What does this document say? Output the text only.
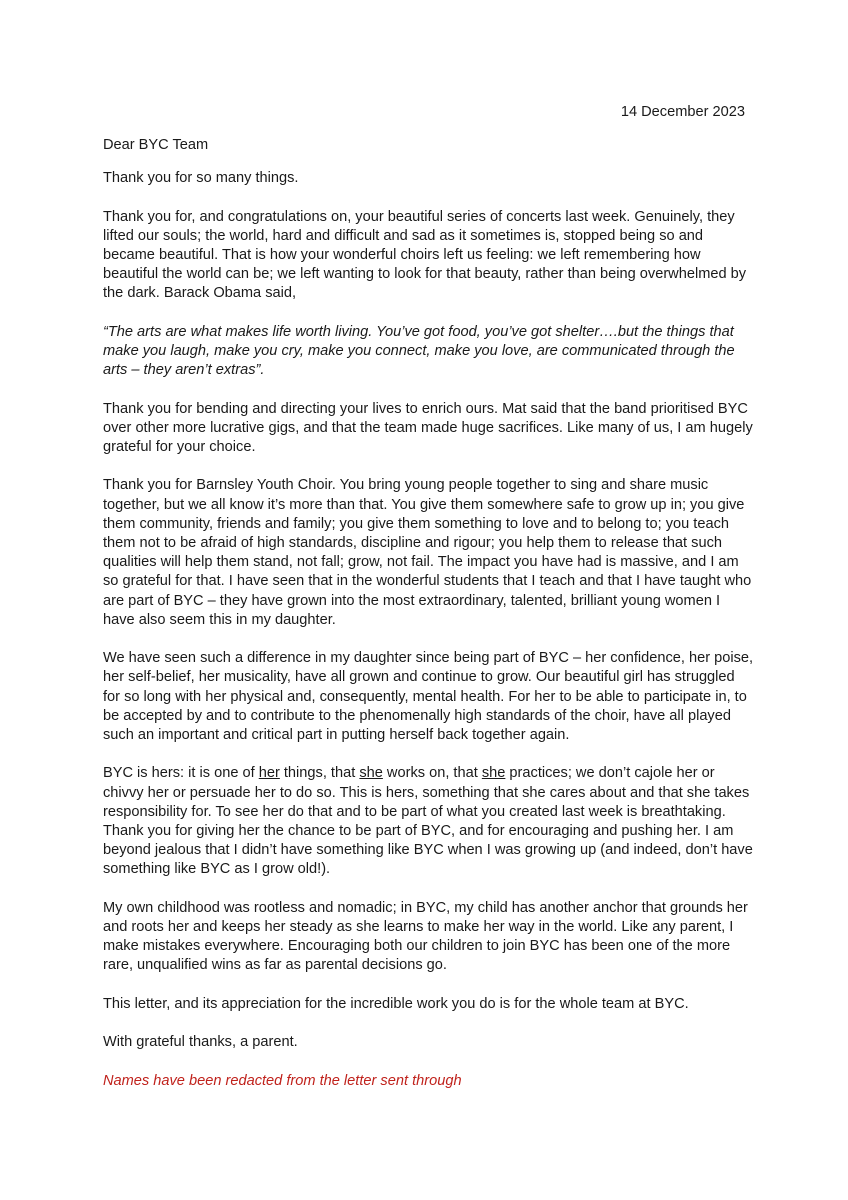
14 December 2023

Dear BYC Team

Thank you for so many things.

Thank you for, and congratulations on, your beautiful series of concerts last week. Genuinely, they lifted our souls; the world, hard and difficult and sad as it sometimes is, stopped being so and became beautiful. That is how your wonderful choirs left us feeling: we left remembering how beautiful the world can be; we left wanting to look for that beauty, rather than being overwhelmed by the dark. Barack Obama said,

“The arts are what makes life worth living. You’ve got food, you’ve got shelter….but the things that make you laugh, make you cry, make you connect, make you love, are communicated through the arts – they aren’t extras”.

Thank you for bending and directing your lives to enrich ours. Mat said that the band prioritised BYC over other more lucrative gigs, and that the team made huge sacrifices. Like many of us, I am hugely grateful for your choice.

Thank you for Barnsley Youth Choir. You bring young people together to sing and share music together, but we all know it’s more than that. You give them somewhere safe to grow up in; you give them community, friends and family; you give them something to love and to belong to; you teach them not to be afraid of high standards, discipline and rigour; you help them to release that such qualities will help them stand, not fall; grow, not fail. The impact you have had is massive, and I am so grateful for that. I have seen that in the wonderful students that I teach and that I have taught who are part of BYC – they have grown into the most extraordinary, talented, brilliant young women I have also seem this in my daughter.

We have seen such a difference in my daughter since being part of BYC – her confidence, her poise, her self-belief, her musicality, have all grown and continue to grow. Our beautiful girl has struggled for so long with her physical and, consequently, mental health. For her to be able to participate in, to be accepted by and to contribute to the phenomenally high standards of the choir, have all played such an important and critical part in putting herself back together again.

BYC is hers: it is one of her things, that she works on, that she practices; we don’t cajole her or chivvy her or persuade her to do so. This is hers, something that she cares about and that she takes responsibility for. To see her do that and to be part of what you created last week is breathtaking. Thank you for giving her the chance to be part of BYC, and for encouraging and pushing her. I am beyond jealous that I didn’t have something like BYC when I was growing up (and indeed, don’t have something like BYC as I grow old!).

My own childhood was rootless and nomadic; in BYC, my child has another anchor that grounds her and roots her and keeps her steady as she learns to make her way in the world. Like any parent, I make mistakes everywhere. Encouraging both our children to join BYC has been one of the more rare, unqualified wins as far as parental decisions go.

This letter, and its appreciation for the incredible work you do is for the whole team at BYC.

With grateful thanks, a parent.

Names have been redacted from the letter sent through
